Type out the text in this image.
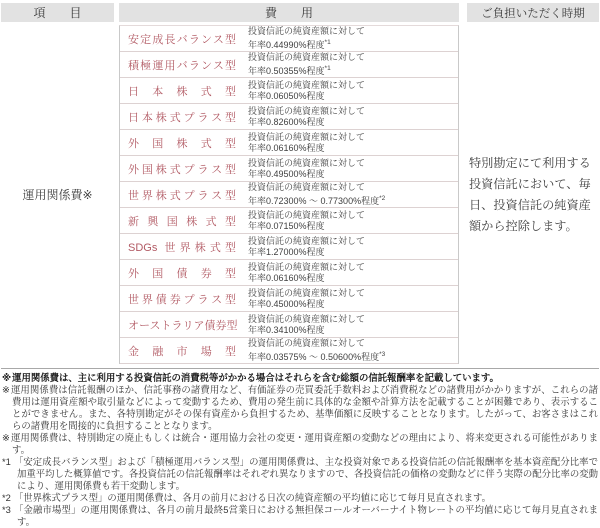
項　　目	費　　用	ご負担いただく時期
運用関係費※
安定成長バランス型
投資信託の純資産額に対して
年率0.44990%程度$^{*1}$
積極運用バランス型
投資信託の純資産額に対して
年率0.50355%程度$^{*1}$
日本株式型
投資信託の純資産額に対して
年率0.06050%程度
日本株式プラス型
投資信託の純資産額に対して
年率0.82600%程度
外国株式型
投資信託の純資産額に対して
年率0.06160%程度
外国株式プラス型
投資信託の純資産額に対して
年率0.49500%程度
世界株式プラス型
投資信託の純資産額に対して
年率0.72300% ～ 0.77300%程度$^{*2}$
新興国株式型
投資信託の純資産額に対して
年率0.07150%程度
SDGs 世界株式型
投資信託の純資産額に対して
年率1.27000%程度
外国債券型
投資信託の純資産額に対して
年率0.06160%程度
世界債券プラス型
投資信託の純資産額に対して
年率0.45000%程度
オーストラリア債券型
投資信託の純資産額に対して
年率0.34100%程度
金融市場型
投資信託の純資産額に対して
年率0.03575% ～ 0.50600%程度$^{*3}$
特別勘定にて利用する投資信託において、毎日、投資信託の純資産額から控除します。
※運用関係費は、主に利用する投資信託の消費税等がかかる場合はそれらを含む総額の信託報酬率を記載しています。
※運用関係費は信託報酬のほか、信託事務の諸費用など、有価証券の売買委託手数料および消費税などの諸費用がかかりますが、これらの諸費用は運用資産額や取引量などによって変動するため、費用の発生前に具体的な金額や計算方法を記載することが困難であり、表示することができません。また、各特別勘定がその保有資産から負担するため、基準価額に反映することとなります。したがって、お客さまはこれらの諸費用を間接的に負担することとなります。
※運用関係費は、特別勘定の廃止もしくは統合・運用協力会社の変更・運用資産額の変動などの理由により、将来変更される可能性があります。
*1 「安定成長バランス型」および「積極運用バランス型」の運用関係費は、主な投資対象である投資信託の信託報酬率を基本資産配分比率で加重平均した概算値です。各投資信託の信託報酬率はそれぞれ異なりますので、各投資信託の価格の変動などに伴う実際の配分比率の変動により、運用関係費も若干変動します。
*2 「世界株式プラス型」の運用関係費は、各月の前月における日次の純資産額の平均値に応じて毎月見直されます。
*3 「金融市場型」の運用関係費は、各月の前月最終5営業日における無担保コールオーバーナイト物レートの平均値に応じて毎月見直されます。
